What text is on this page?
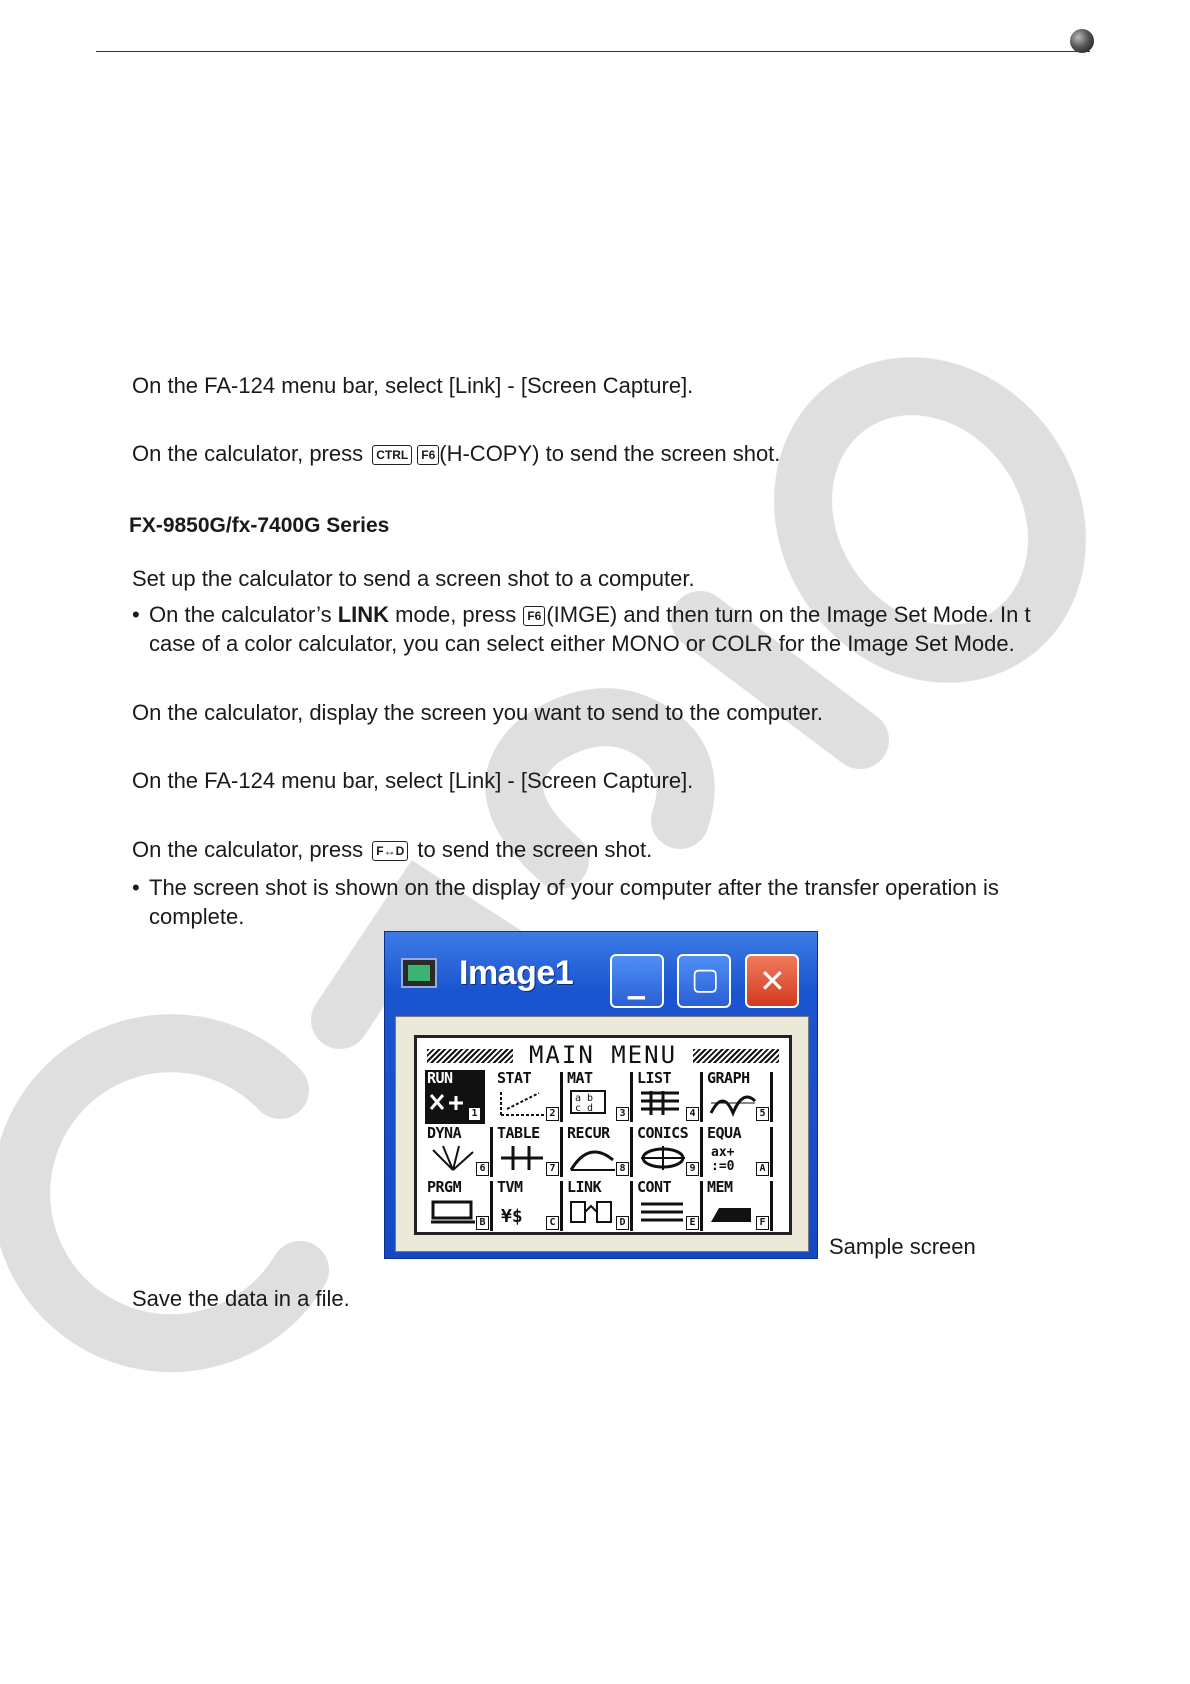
On the FA-124 menu bar, select [Link] - [Screen Capture].
On the calculator, press CTRL F6 (H-COPY) to send the screen shot.
FX-9850G/fx-7400G Series
Set up the calculator to send a screen shot to a computer.
• On the calculator’s LINK mode, press F6 (IMGE) and then turn on the Image Set Mode. In t
case of a color calculator, you can select either MONO or COLR for the Image Set Mode.
On the calculator, display the screen you want to send to the computer.
On the FA-124 menu bar, select [Link] - [Screen Capture].
On the calculator, press F↔D to send the screen shot.
• The screen shot is shown on the display of your computer after the transfer operation is
complete.
Image1 ▁ ▢ ✕
MAIN MENU
RUN
1
STAT
2
MAT
a b
c d	3
LIST
4
GRAPH
5
DYNA
6
TABLE
7
RECUR
8
CONICS
9
EQUA
ax+
:=0	A
PRGM
B
TVM
¥$	C
LINK
D
CONT
E
MEM
F
Sample screen
Save the data in a file.
